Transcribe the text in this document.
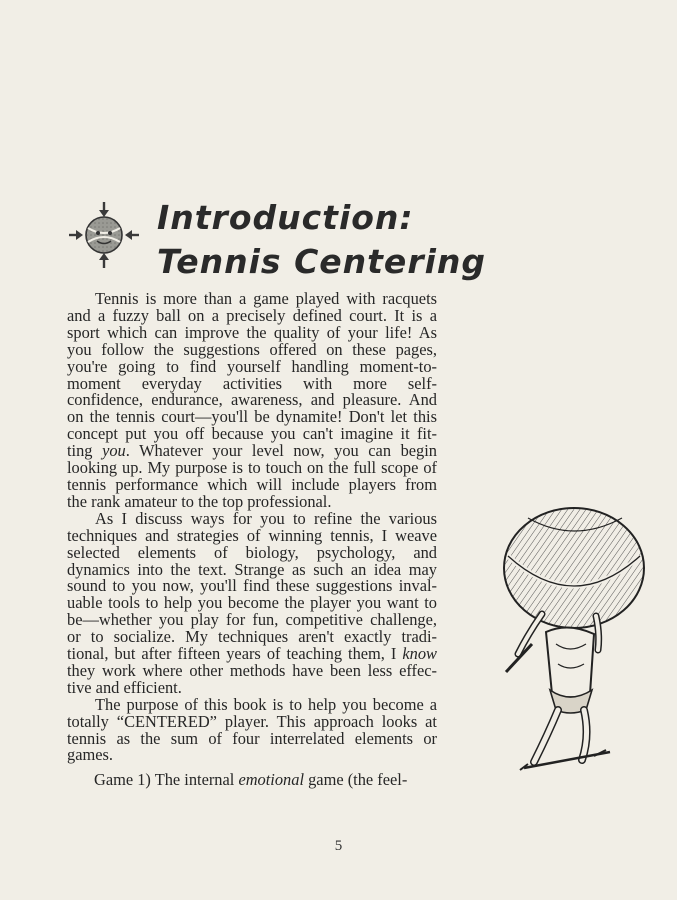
Introduction:
Tennis Centering

Tennis is more than a game played with racquets
and a fuzzy ball on a precisely defined court. It is a
sport which can improve the quality of your life! As
you follow the suggestions offered on these pages,
you're going to find yourself handling moment-to-
moment everyday activities with more self-
confidence, endurance, awareness, and pleasure. And
on the tennis court—you'll be dynamite! Don't let this
concept put you off because you can't imagine it fit-
ting you. Whatever your level now, you can begin
looking up. My purpose is to touch on the full scope of
tennis performance which will include players from
the rank amateur to the top professional.

As I discuss ways for you to refine the various
techniques and strategies of winning tennis, I weave
selected elements of biology, psychology, and
dynamics into the text. Strange as such an idea may
sound to you now, you'll find these suggestions inval-
uable tools to help you become the player you want to
be—whether you play for fun, competitive challenge,
or to socialize. My techniques aren't exactly tradi-
tional, but after fifteen years of teaching them, I know
they work where other methods have been less effec-
tive and efficient.

The purpose of this book is to help you become a
totally “CENTERED” player. This approach looks at
tennis as the sum of four interrelated elements or
games.

Game 1) The internal emotional game (the feel-
5
